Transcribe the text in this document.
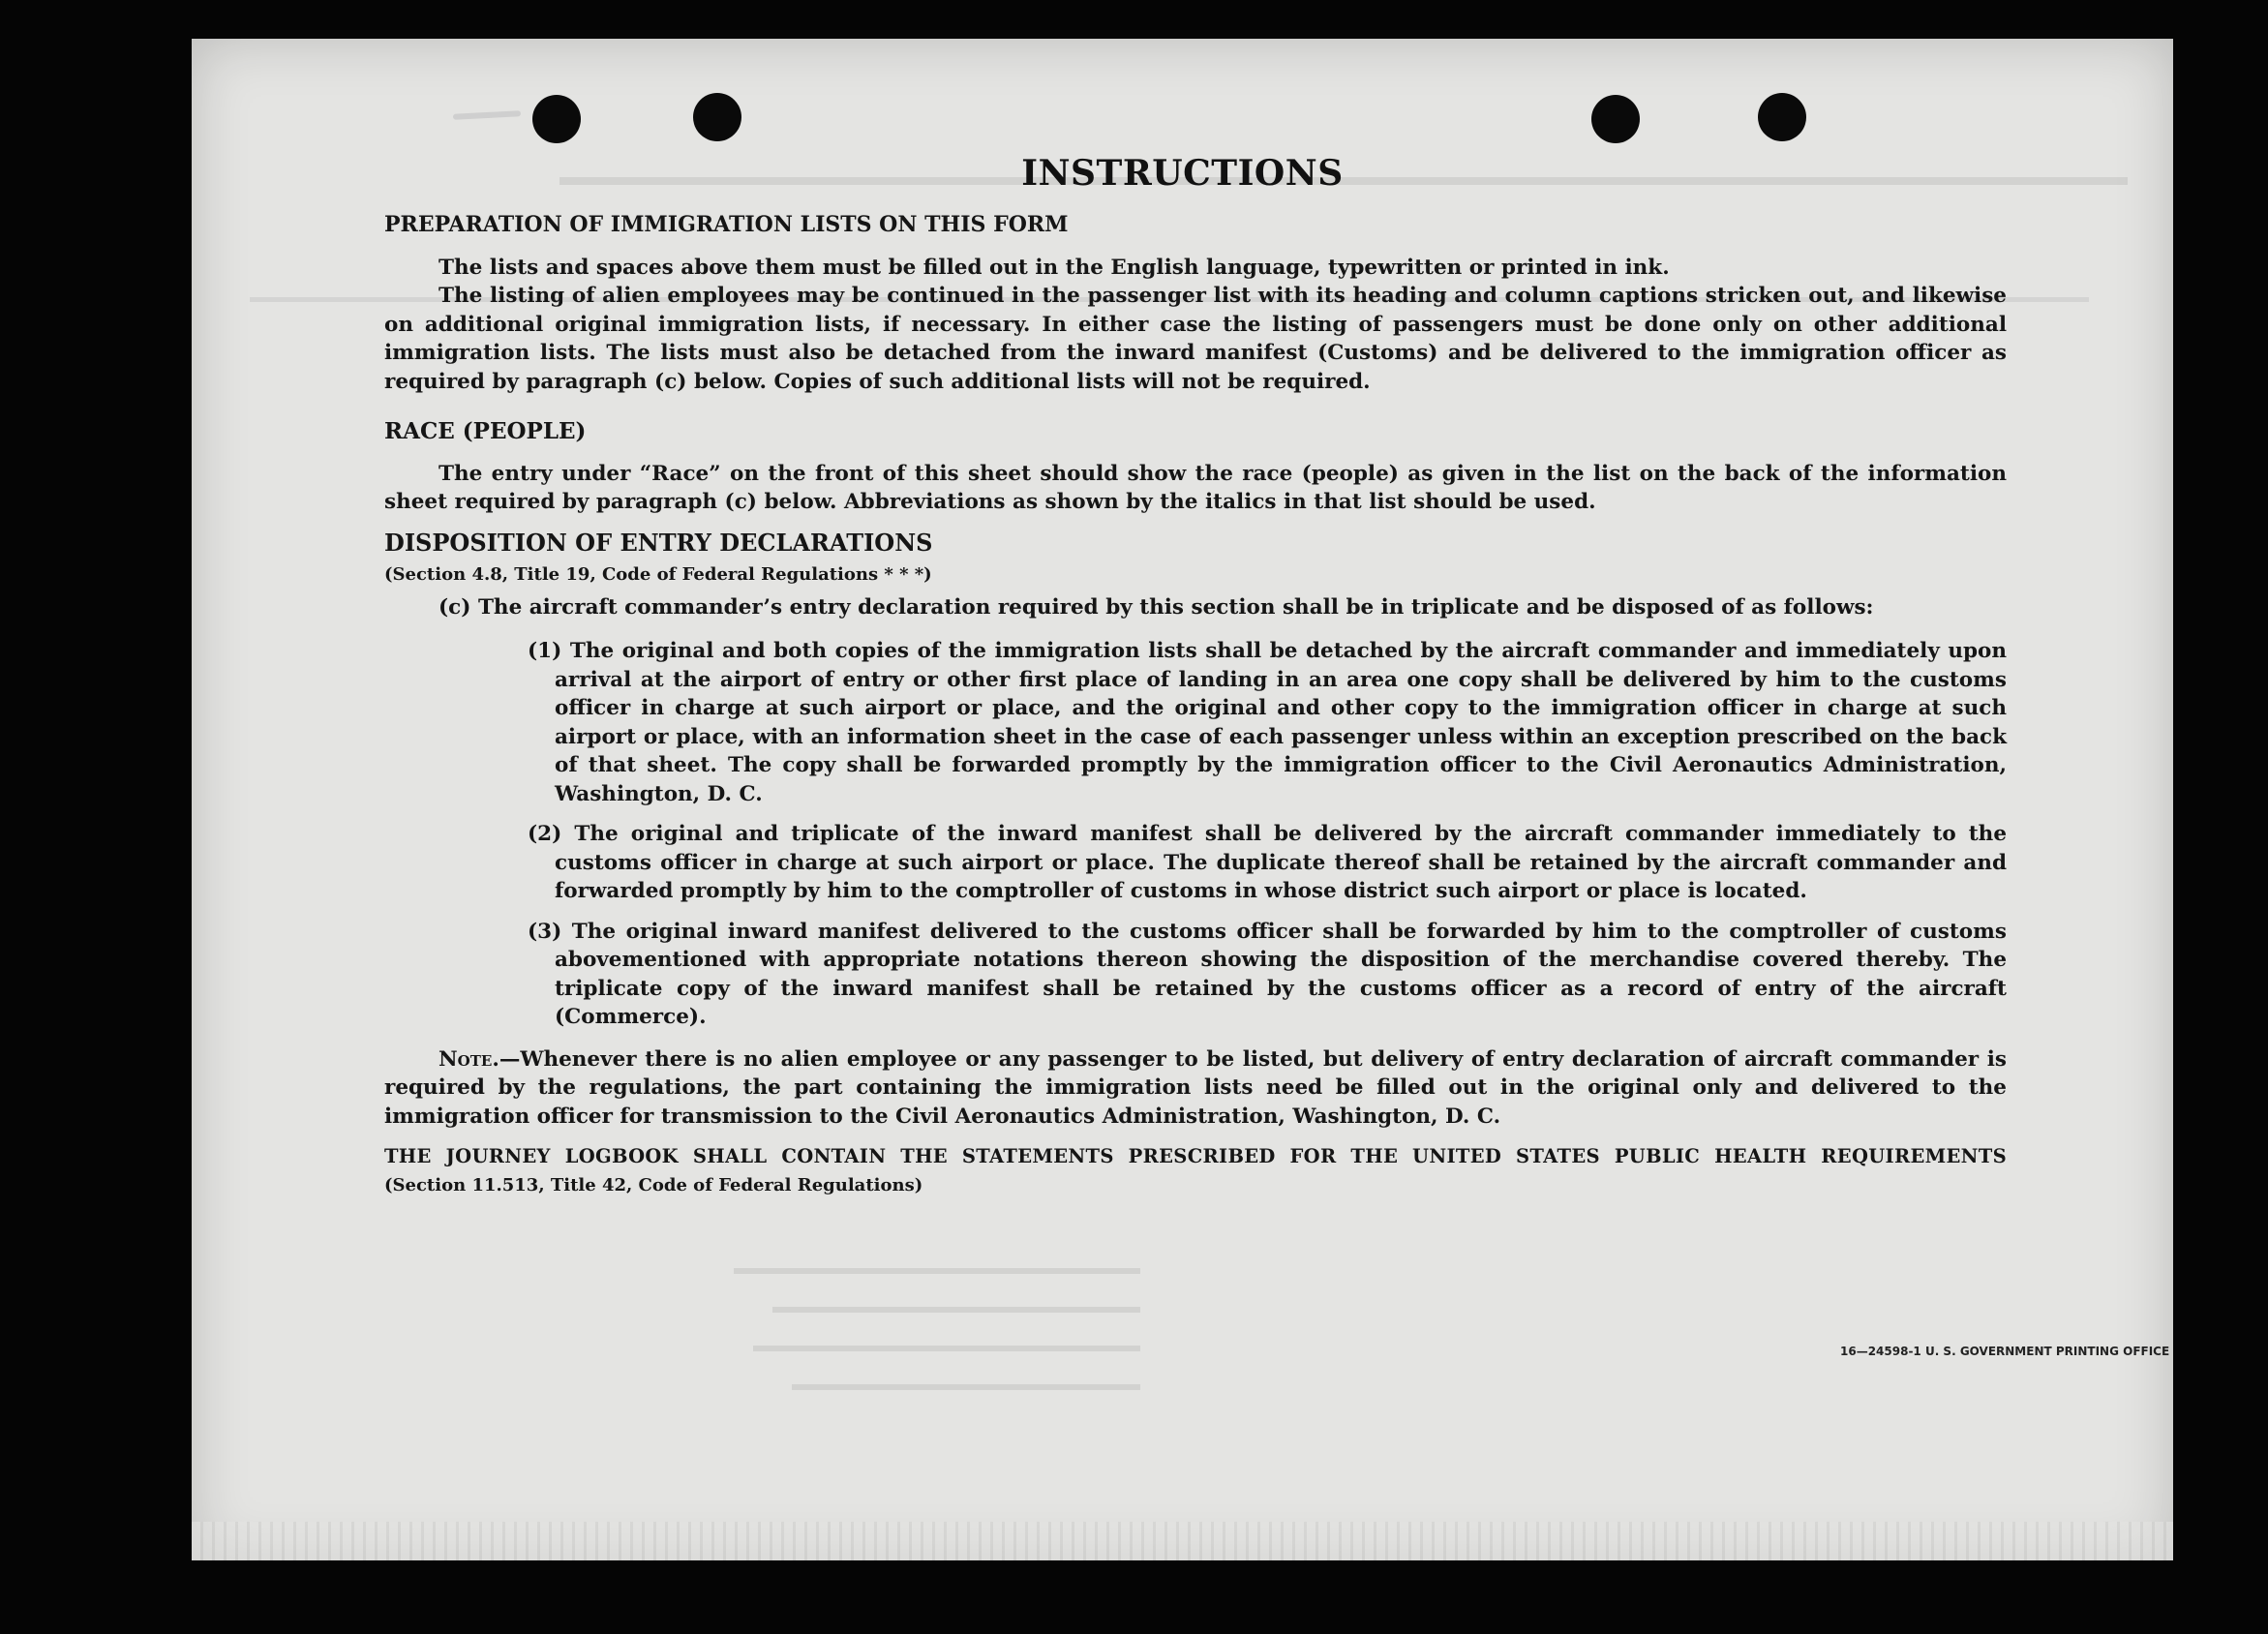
INSTRUCTIONS
16—24598-1 U. S. GOVERNMENT PRINTING OFFICE

PREPARATION OF IMMIGRATION LISTS ON THIS FORM

The lists and spaces above them must be filled out in the English language, typewritten or printed in ink.

The listing of alien employees may be continued in the passenger list with its heading and column captions stricken out, and likewise on additional original immigration lists, if necessary. In either case the listing of passengers must be done only on other additional immigration lists. The lists must also be detached from the inward manifest (Customs) and be delivered to the immigration officer as required by paragraph (c) below. Copies of such additional lists will not be required.

RACE (PEOPLE)

The entry under “Race” on the front of this sheet should show the race (people) as given in the list on the back of the information sheet required by paragraph (c) below. Abbreviations as shown by the italics in that list should be used.

DISPOSITION OF ENTRY DECLARATIONS

(Section 4.8, Title 19, Code of Federal Regulations * * *)

(c) The aircraft commander’s entry declaration required by this section shall be in triplicate and be disposed of as follows:

(1) The original and both copies of the immigration lists shall be detached by the aircraft commander and immediately upon arrival at the airport of entry or other first place of landing in an area one copy shall be delivered by him to the customs officer in charge at such airport or place, and the original and other copy to the immigration officer in charge at such airport or place, with an information sheet in the case of each passenger unless within an exception prescribed on the back of that sheet. The copy shall be forwarded promptly by the immigration officer to the Civil Aeronautics Administration, Washington, D. C.

(2) The original and triplicate of the inward manifest shall be delivered by the aircraft commander immediately to the customs officer in charge at such airport or place. The duplicate thereof shall be retained by the aircraft commander and forwarded promptly by him to the comptroller of customs in whose district such airport or place is located.

(3) The original inward manifest delivered to the customs officer shall be forwarded by him to the comptroller of customs abovementioned with appropriate notations thereon showing the disposition of the merchandise covered thereby. The triplicate copy of the inward manifest shall be retained by the customs officer as a record of entry of the aircraft (Commerce).

Note.—Whenever there is no alien employee or any passenger to be listed, but delivery of entry declaration of aircraft commander is required by the regulations, the part containing the immigration lists need be filled out in the original only and delivered to the immigration officer for transmission to the Civil Aeronautics Administration, Washington, D. C.

THE JOURNEY LOGBOOK SHALL CONTAIN THE STATEMENTS PRESCRIBED FOR THE UNITED STATES PUBLIC HEALTH REQUIREMENTS

(Section 11.513, Title 42, Code of Federal Regulations)
